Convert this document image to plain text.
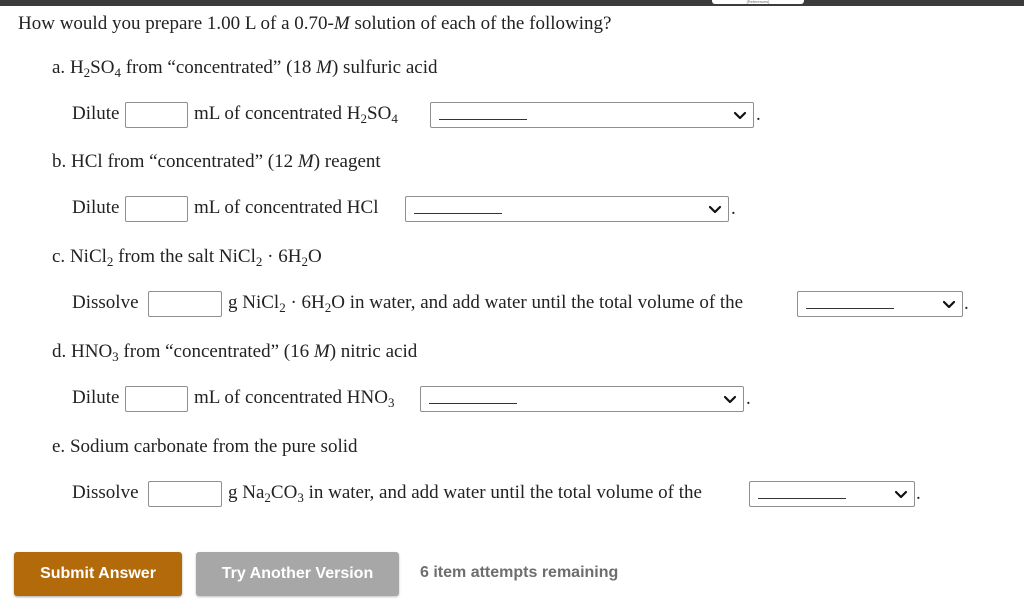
[References]
How would you prepare 1.00 L of a 0.70-M solution of each of the following?
a. $H_2SO_4$ from “concentrated” (18 M) sulfuric acid
Dilute	mL of concentrated $H_2SO_4$	.
b. HCl from “concentrated” (12 M) reagent
Dilute	mL of concentrated HCl	.
c. NiCl$_2$ from the salt NiCl$_2$ · $6H_2O$
Dissolve	g NiCl$_2$ · $6H_2O$ in water, and add water until the total volume of the	.
d. $HNO_3$ from “concentrated” (16 M) nitric acid
Dilute	mL of concentrated $HNO_3$	.
e. Sodium carbonate from the pure solid
Dissolve	g $Na_2CO_3$ in water, and add water until the total volume of the	.
Submit Answer	Try Another Version	6 item attempts remaining
